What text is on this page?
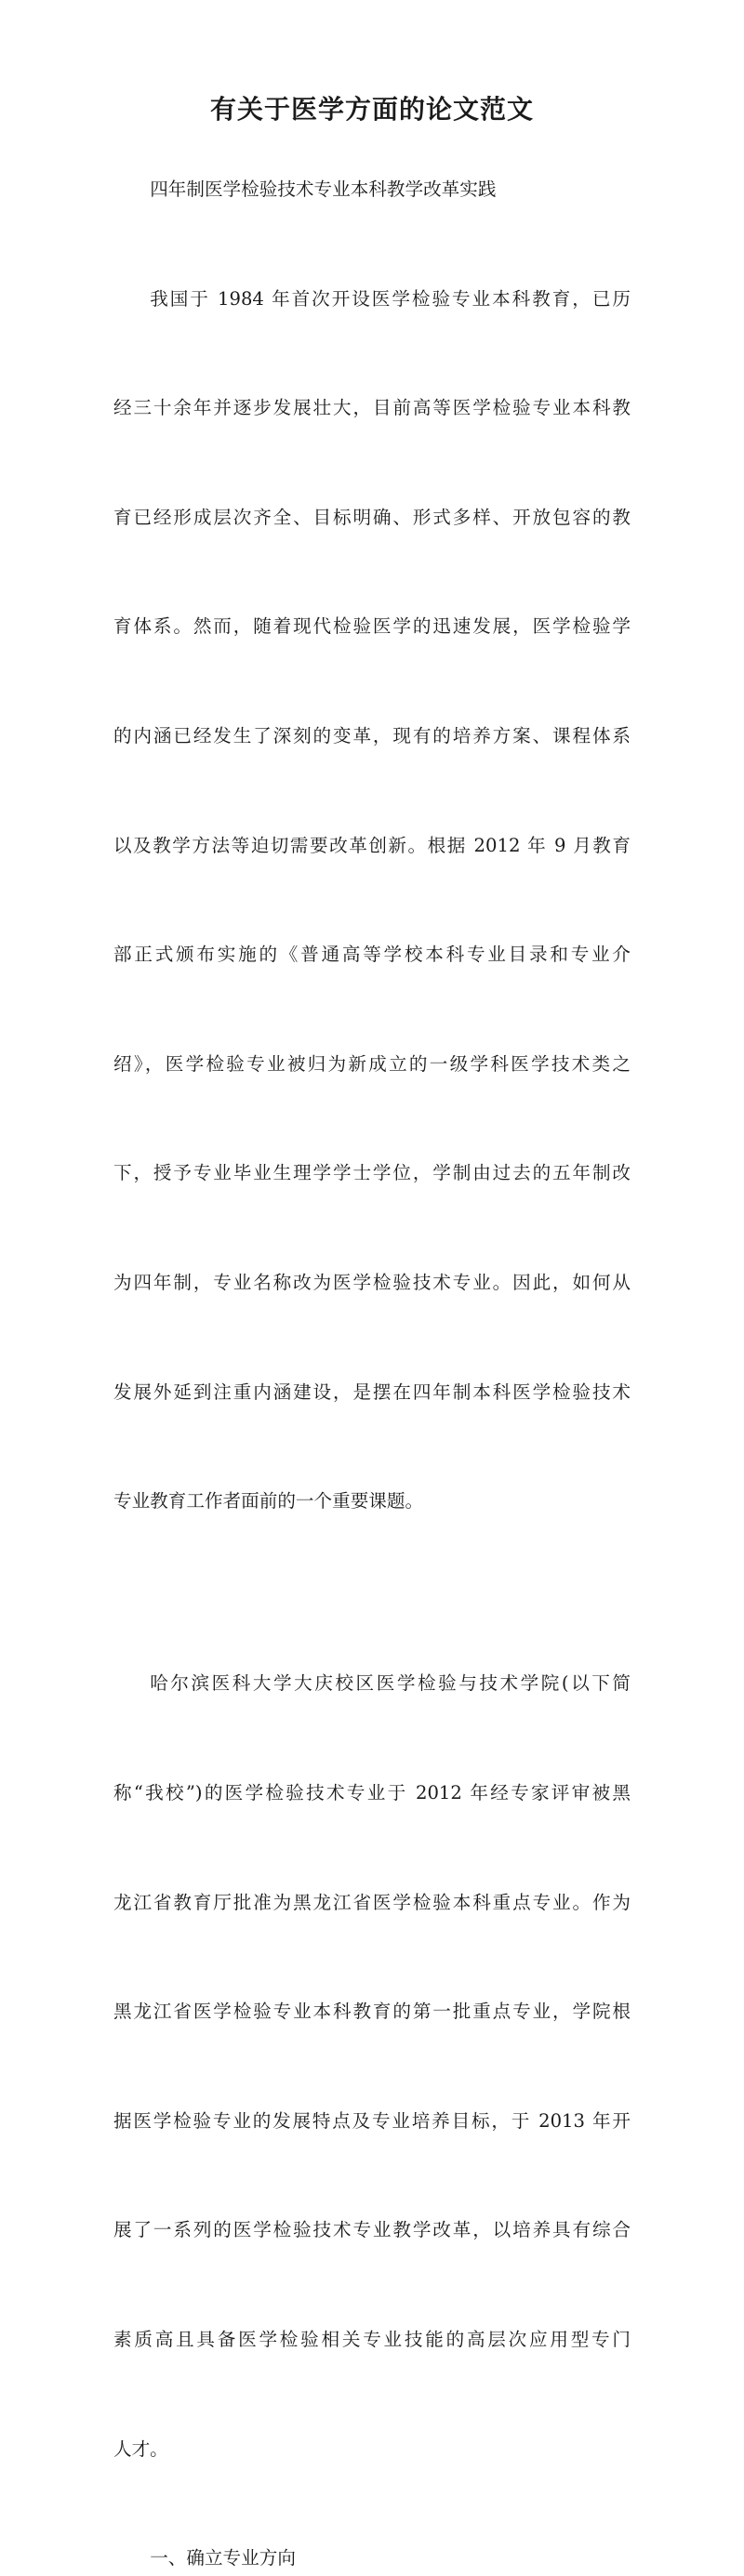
有关于医学方面的论文范文

四年制医学检验技术专业本科教学改革实践

我国于 1984 年首次开设医学检验专业本科教育，已历

经三十余年并逐步发展壮大，目前高等医学检验专业本科教

育已经形成层次齐全、目标明确、形式多样、开放包容的教

育体系。然而，随着现代检验医学的迅速发展，医学检验学

的内涵已经发生了深刻的变革，现有的培养方案、课程体系

以及教学方法等迫切需要改革创新。根据 2012 年 9 月教育

部正式颁布实施的《普通高等学校本科专业目录和专业介

绍》，医学检验专业被归为新成立的一级学科医学技术类之

下，授予专业毕业生理学学士学位，学制由过去的五年制改

为四年制，专业名称改为医学检验技术专业。因此，如何从

发展外延到注重内涵建设，是摆在四年制本科医学检验技术

专业教育工作者面前的一个重要课题。

哈尔滨医科大学大庆校区医学检验与技术学院(以下简

称“我校”)的医学检验技术专业于 2012 年经专家评审被黑

龙江省教育厅批准为黑龙江省医学检验本科重点专业。作为

黑龙江省医学检验专业本科教育的第一批重点专业，学院根

据医学检验专业的发展特点及专业培养目标，于 2013 年开

展了一系列的医学检验技术专业教学改革，以培养具有综合

素质高且具备医学检验相关专业技能的高层次应用型专门

人才。

一、确立专业方向
